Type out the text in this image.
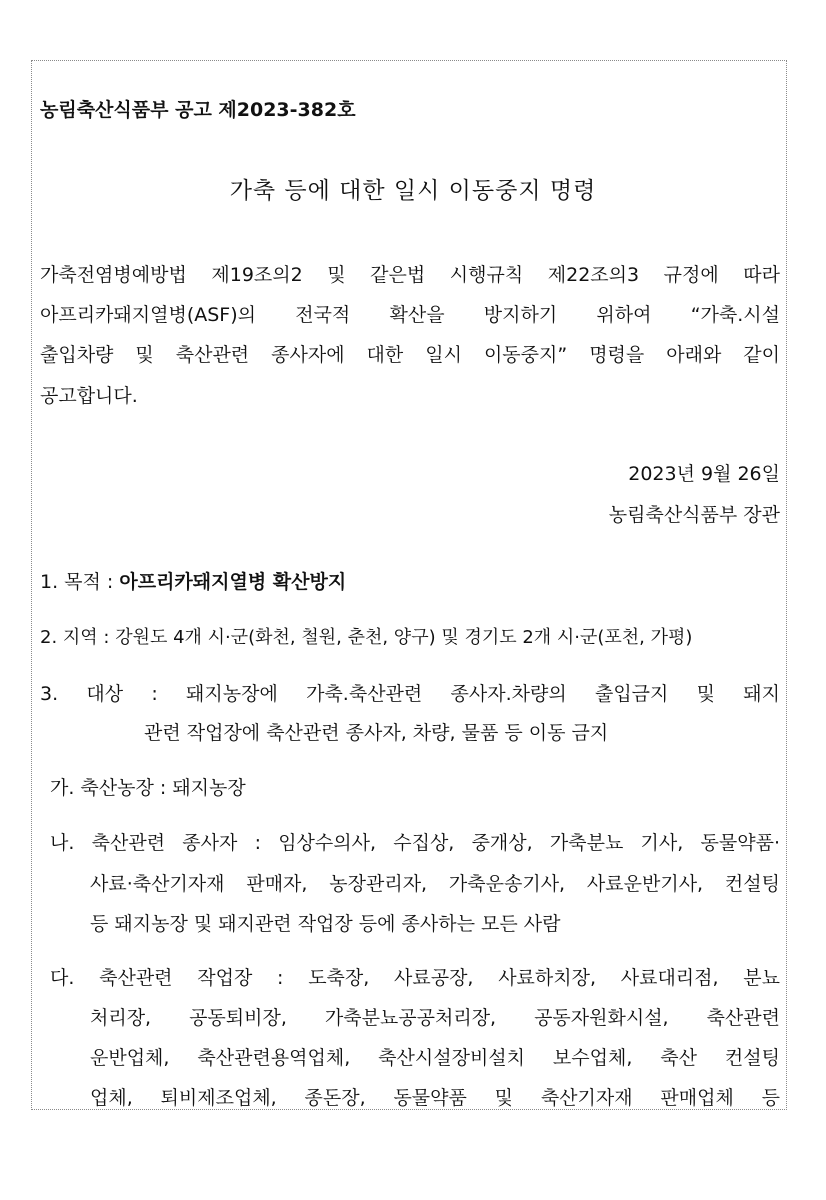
농림축산식품부 공고 제2023-382호
가축 등에 대한 일시 이동중지 명령
가축전염병예방법 제19조의2 및 같은법 시행규칙 제22조의3 규정에 따라
아프리카돼지열병(ASF)의 전국적 확산을 방지하기 위하여 “가축.시설
출입차량 및 축산관련 종사자에 대한 일시 이동중지” 명령을 아래와 같이
공고합니다.
2023년 9월 26일
농림축산식품부 장관
1. 목적 : 아프리카돼지열병 확산방지
2. 지역 : 강원도 4개 시·군(화천, 철원, 춘천, 양구) 및 경기도 2개 시·군(포천, 가평)
3. 대상 : 돼지농장에 가축.축산관련 종사자.차량의 출입금지 및 돼지
관련 작업장에 축산관련 종사자, 차량, 물품 등 이동 금지
가. 축산농장 : 돼지농장
나. 축산관련 종사자 : 임상수의사, 수집상, 중개상, 가축분뇨 기사, 동물약품·
사료·축산기자재 판매자, 농장관리자, 가축운송기사, 사료운반기사, 컨설팅
등 돼지농장 및 돼지관련 작업장 등에 종사하는 모든 사람
다. 축산관련 작업장 : 도축장, 사료공장, 사료하치장, 사료대리점, 분뇨
처리장, 공동퇴비장, 가축분뇨공공처리장, 공동자원화시설, 축산관련
운반업체, 축산관련용역업체, 축산시설장비설치 보수업체, 축산 컨설팅
업체, 퇴비제조업체, 종돈장, 동물약품 및 축산기자재 판매업체 등
